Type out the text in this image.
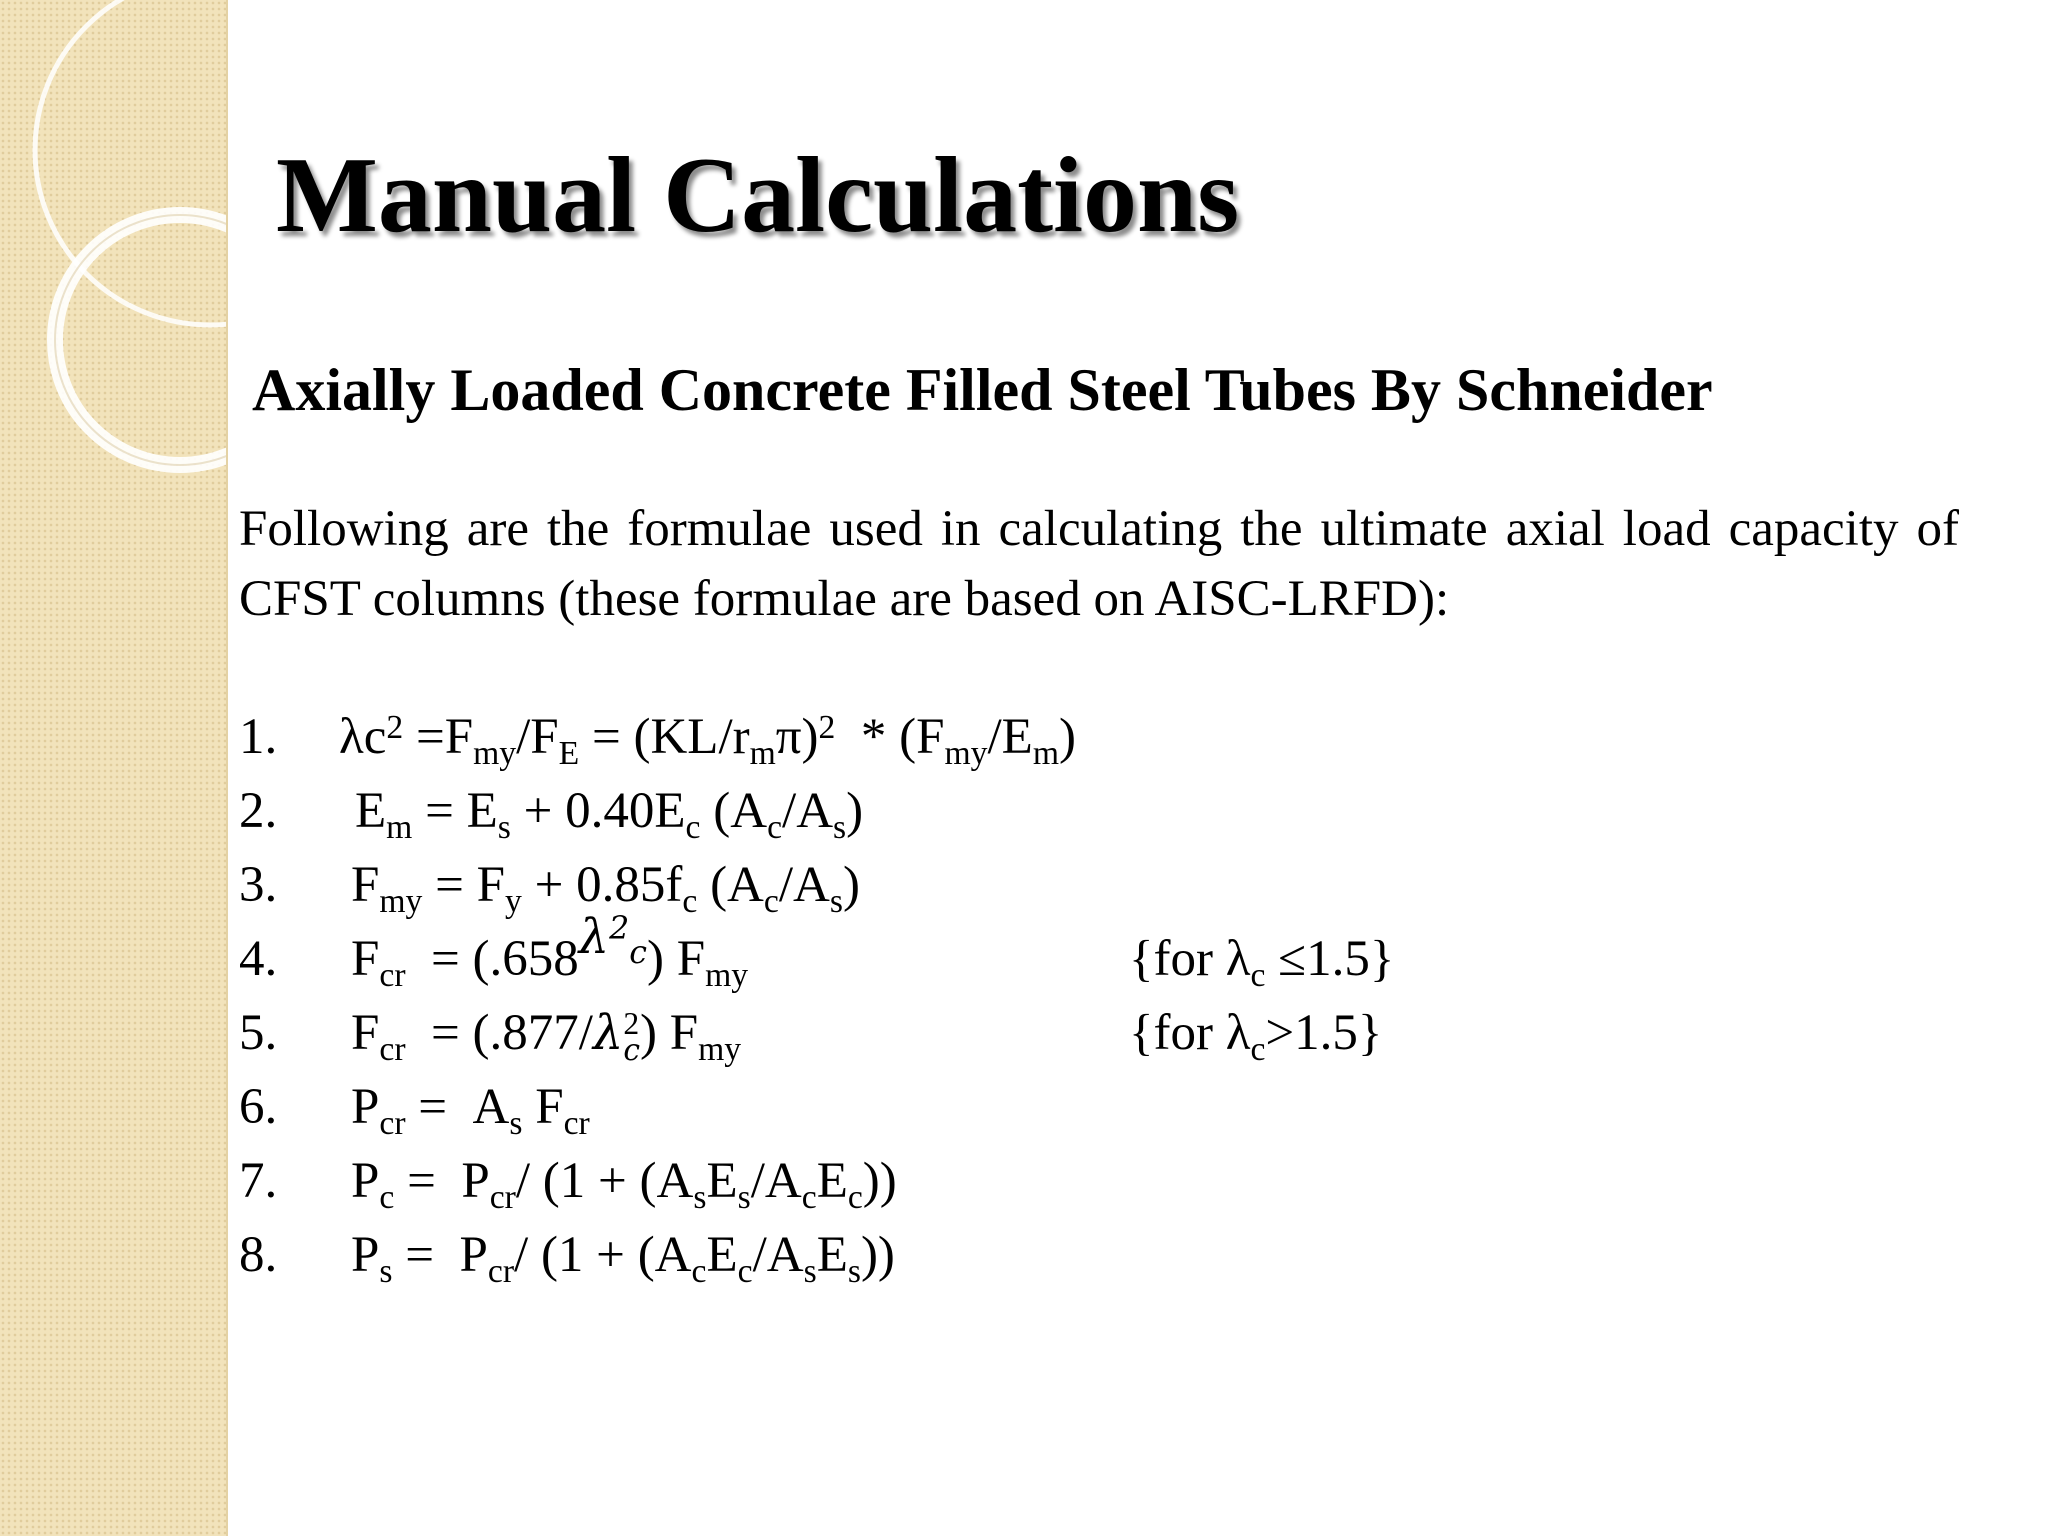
Manual Calculations
Axially Loaded Concrete Filled Steel Tubes By Schneider

Following are the formulae used in calculating the ultimate axial load capacity of CFST columns (these formulae are based on AISC-LRFD):

1. $\lambda c^2 =F_{my}/F_E = (KL/r_m\pi)^2 * (F_{my}/E_m)$
2. $E_m = E_s + 0.40E_c$ $(A_c/A_s)$
3. $F_{my} = F_y + 0.85f_c$ $(A_c/A_s)$
4. $F_{cr} = (.658^{\lambda^2_c})$ $F_{my}$	{for $\lambda_c \le 1.5$}
5. $F_{cr} = (.877/\lambda$ 2
c ) $F_{my}$	{for $\lambda_c>1.5$}
6. $P_{cr} = A_s$ $F_{cr}$
7. $P_c = P_{cr}/$ $(1 + (A_sE_s/A_cE_c))$
8. $P_s = P_{cr}/$ $(1 + (A_cE_c/A_sE_s))$
